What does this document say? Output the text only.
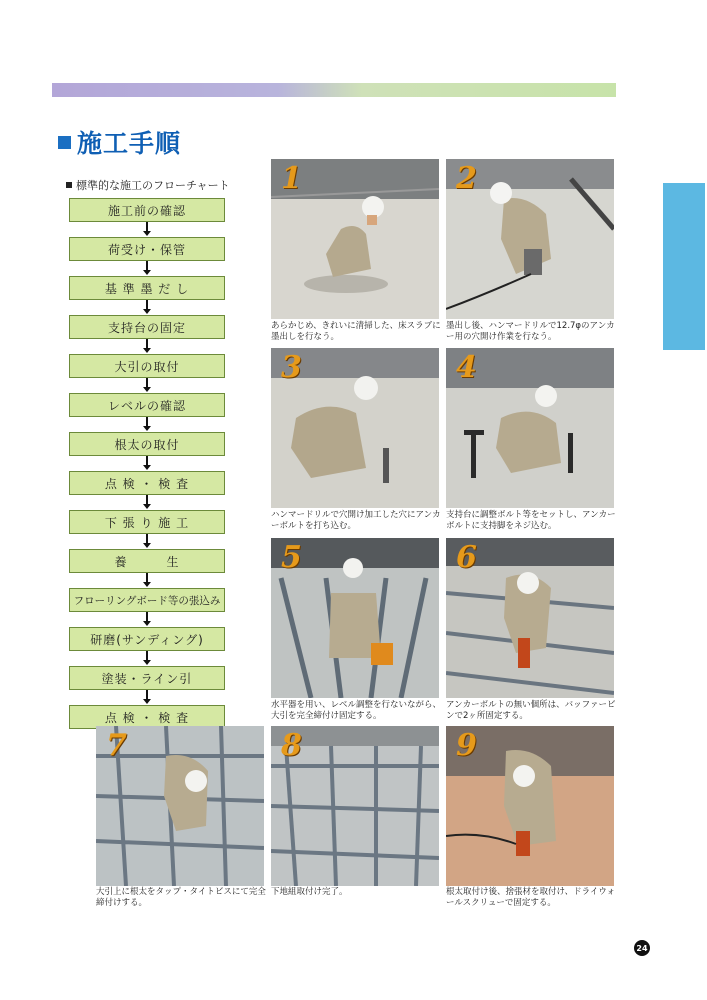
施工手順
標準的な施工のフローチャート
施工前の確認
荷受け・保管
基 準 墨 だ し
支持台の固定
大引の取付
レベルの確認
根太の取付
点 検 ・ 検 査
下 張 り 施 工
養　　　生
フローリングボード等の張込み
研磨(サンディング)
塗装・ライン引
点 検 ・ 検 査
1
あらかじめ、きれいに清掃した、床スラブに墨出しを行なう。
2
墨出し後、ハンマードリルで12.7φのアンカー用の穴開け作業を行なう。
3
ハンマードリルで穴開け加工した穴にアンカーボルトを打ち込む。
4
支持台に調整ボルト等をセットし、アンカーボルトに支持脚をネジ込む。
5
水平器を用い、レベル調整を行ないながら、大引を完全締付け固定する。
6
アンカーボルトの無い個所は、バッファービンで2ヶ所固定する。
7
大引上に根太をタップ・タイトビスにて完全締付けする。
8
下地組取付け完了。
9
根太取付け後、捨張材を取付け、ドライウォールスクリューで固定する。
24
